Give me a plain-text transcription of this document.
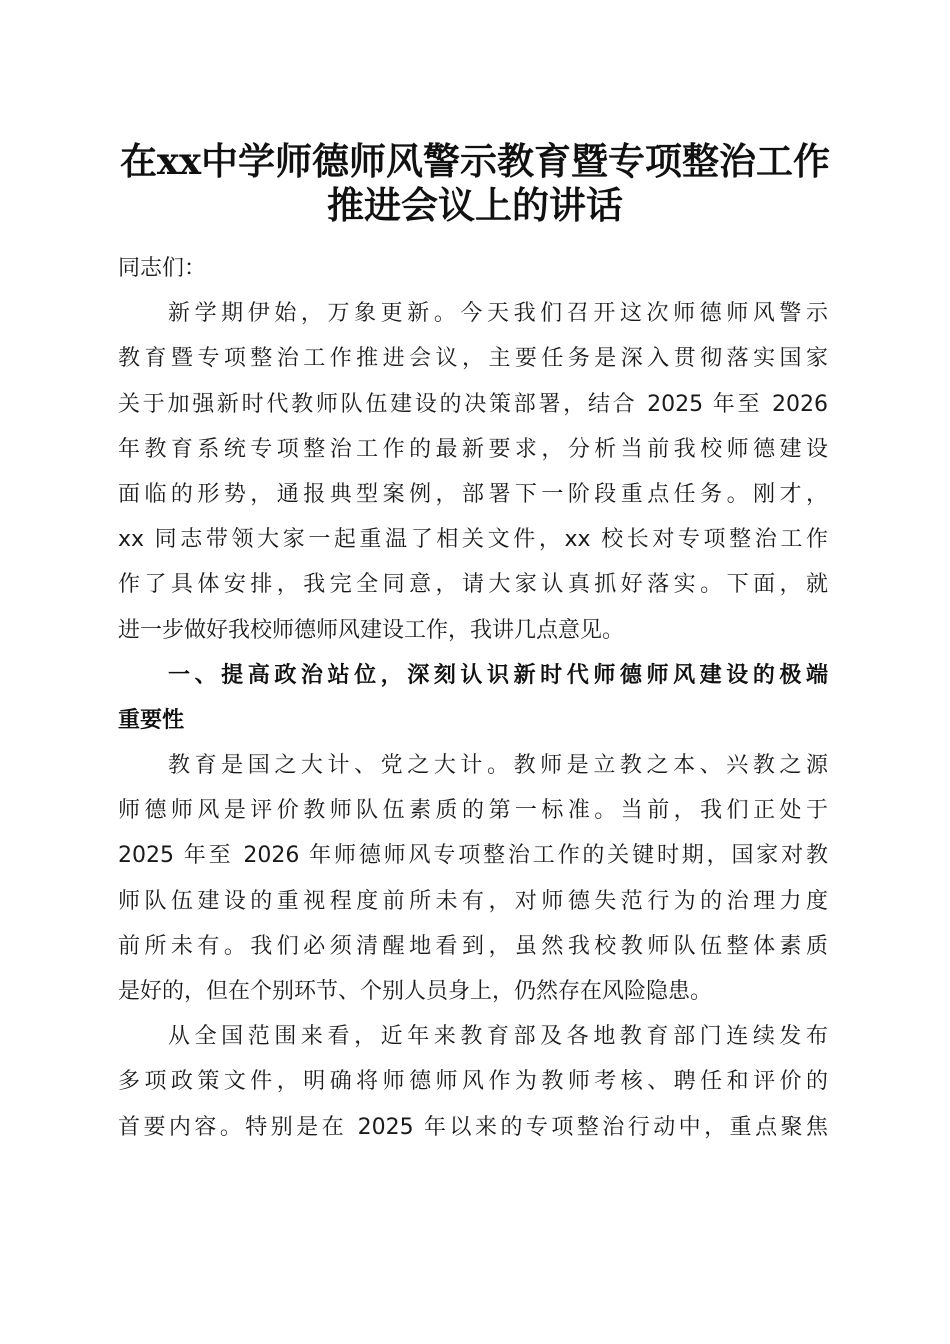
在xx中学师德师风警示教育暨专项整治工作
推进会议上的讲话
同志们：
新学期伊始，万象更新。今天我们召开这次师德师风警示
教育暨专项整治工作推进会议，主要任务是深入贯彻落实国家
关于加强新时代教师队伍建设的决策部署，结合 2025 年至 2026
年教育系统专项整治工作的最新要求，分析当前我校师德建设
面临的形势，通报典型案例，部署下一阶段重点任务。刚才，
xx 同志带领大家一起重温了相关文件，xx 校长对专项整治工作
作了具体安排，我完全同意，请大家认真抓好落实。下面，就
进一步做好我校师德师风建设工作，我讲几点意见。
一、提高政治站位，深刻认识新时代师德师风建设的极端
重要性
教育是国之大计、党之大计。教师是立教之本、兴教之源
师德师风是评价教师队伍素质的第一标准。当前，我们正处于
2025 年至 2026 年师德师风专项整治工作的关键时期，国家对教
师队伍建设的重视程度前所未有，对师德失范行为的治理力度
前所未有。我们必须清醒地看到，虽然我校教师队伍整体素质
是好的，但在个别环节、个别人员身上，仍然存在风险隐患。
从全国范围来看，近年来教育部及各地教育部门连续发布
多项政策文件，明确将师德师风作为教师考核、聘任和评价的
首要内容。特别是在 2025 年以来的专项整治行动中，重点聚焦
